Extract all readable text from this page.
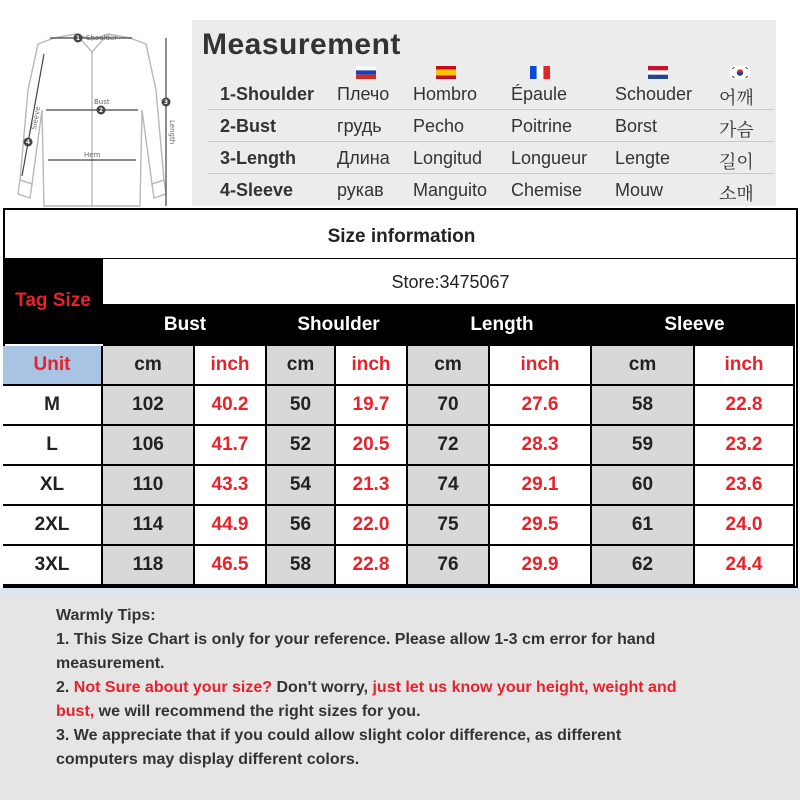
1
2
3
4
Shoulder
Bust
Hem
Length
Sleeve
Measurement
1-Shoulder Плечо Hombro Épaule	Schouder 어깨
2-Bust	грудь Pecho	Poitrine Borst	가슴
3-Length Длина Longitud Longueur Lengte	길이
4-Sleeve рукав Manguito Chemise Mouw	소매
Size information
Tag Size
Store:3475067
Bust	Shoulder	Length	Sleeve
Unit	cm	inch	cm	inch	cm	inch	cm	inch
M	102	40.2	50	19.7	70	27.6	58	22.8
L	106	41.7	52	20.5	72	28.3	59	23.2
XL	110	43.3	54	21.3	74	29.1	60	23.6
2XL	114	44.9	56	22.0	75	29.5	61	24.0
3XL	118	46.5	58	22.8	76	29.9	62	24.4
Warmly Tips:
1. This Size Chart is only for your reference. Please allow 1-3 cm error for hand
measurement.
2. Not Sure about your size? Don't worry, just let us know your height, weight and
bust, we will recommend the right sizes for you.
3. We appreciate that if you could allow slight color difference, as different
computers may display different colors.
